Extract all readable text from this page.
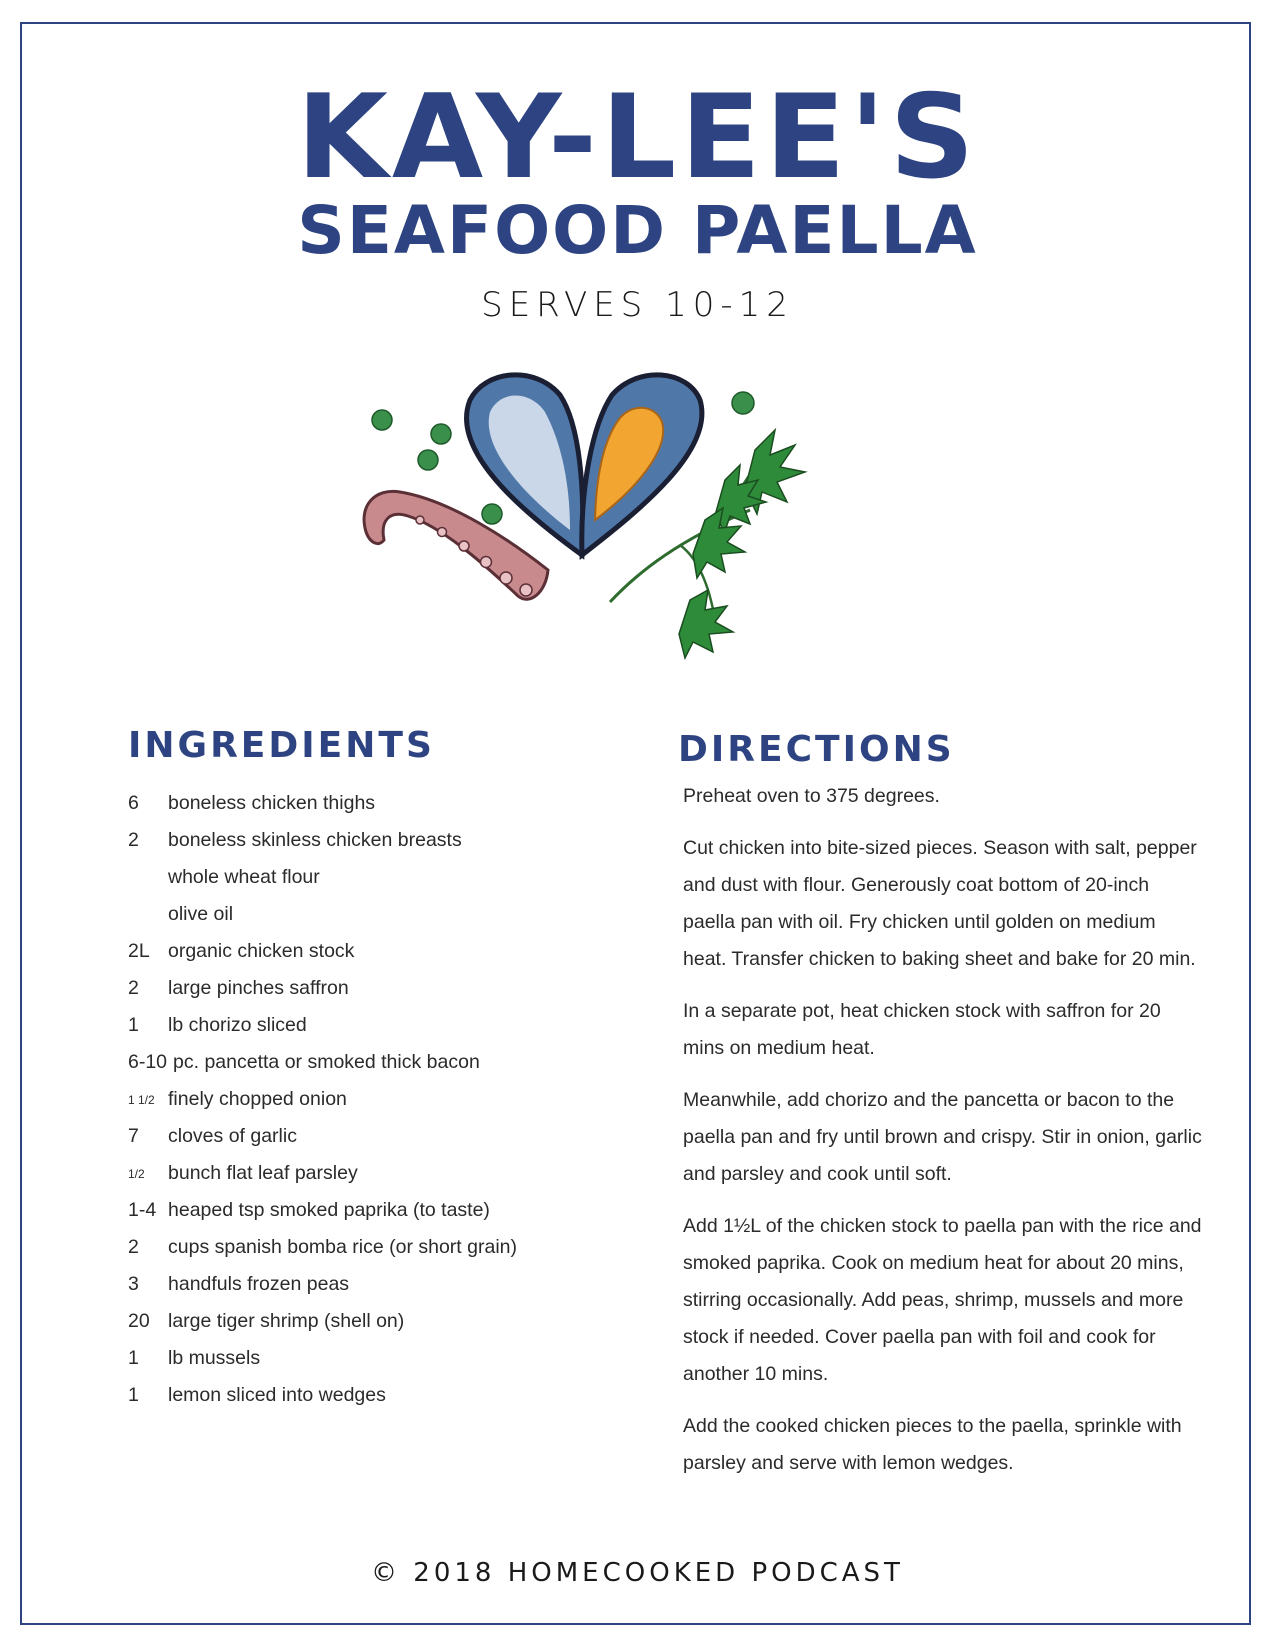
KAY-LEE'S
SEAFOOD PAELLA
SERVES 10-12
INGREDIENTS	DIRECTIONS
6	boneless chicken thighs
2	boneless skinless chicken breasts
whole wheat flour
olive oil
2L organic chicken stock
2	large pinches saffron
1	lb chorizo sliced
6-10 pc. pancetta or smoked thick bacon
1 1/2 finely chopped onion
7	cloves of garlic
1/2	bunch flat leaf parsley
1-4 heaped tsp smoked paprika (to taste)
2	cups spanish bomba rice (or short grain)
3	handfuls frozen peas
20 large tiger shrimp (shell on)
1	lb mussels
1	lemon sliced into wedges

Preheat oven to 375 degrees.

Cut chicken into bite-sized pieces. Season with salt, pepper and dust with flour. Generously coat bottom of 20-inch paella pan with oil. Fry chicken until golden on medium heat. Transfer chicken to baking sheet and bake for 20 min.

In a separate pot, heat chicken stock with saffron for 20 mins on medium heat.

Meanwhile, add chorizo and the pancetta or bacon to the paella pan and fry until brown and crispy. Stir in onion, garlic and parsley and cook until soft.

Add 1½L of the chicken stock to paella pan with the rice and smoked paprika. Cook on medium heat for about 20 mins, stirring occasionally. Add peas, shrimp, mussels and more stock if needed. Cover paella pan with foil and cook for another 10 mins.

Add the cooked chicken pieces to the paella, sprinkle with parsley and serve with lemon wedges.

© 2018 HOMECOOKED PODCAST
